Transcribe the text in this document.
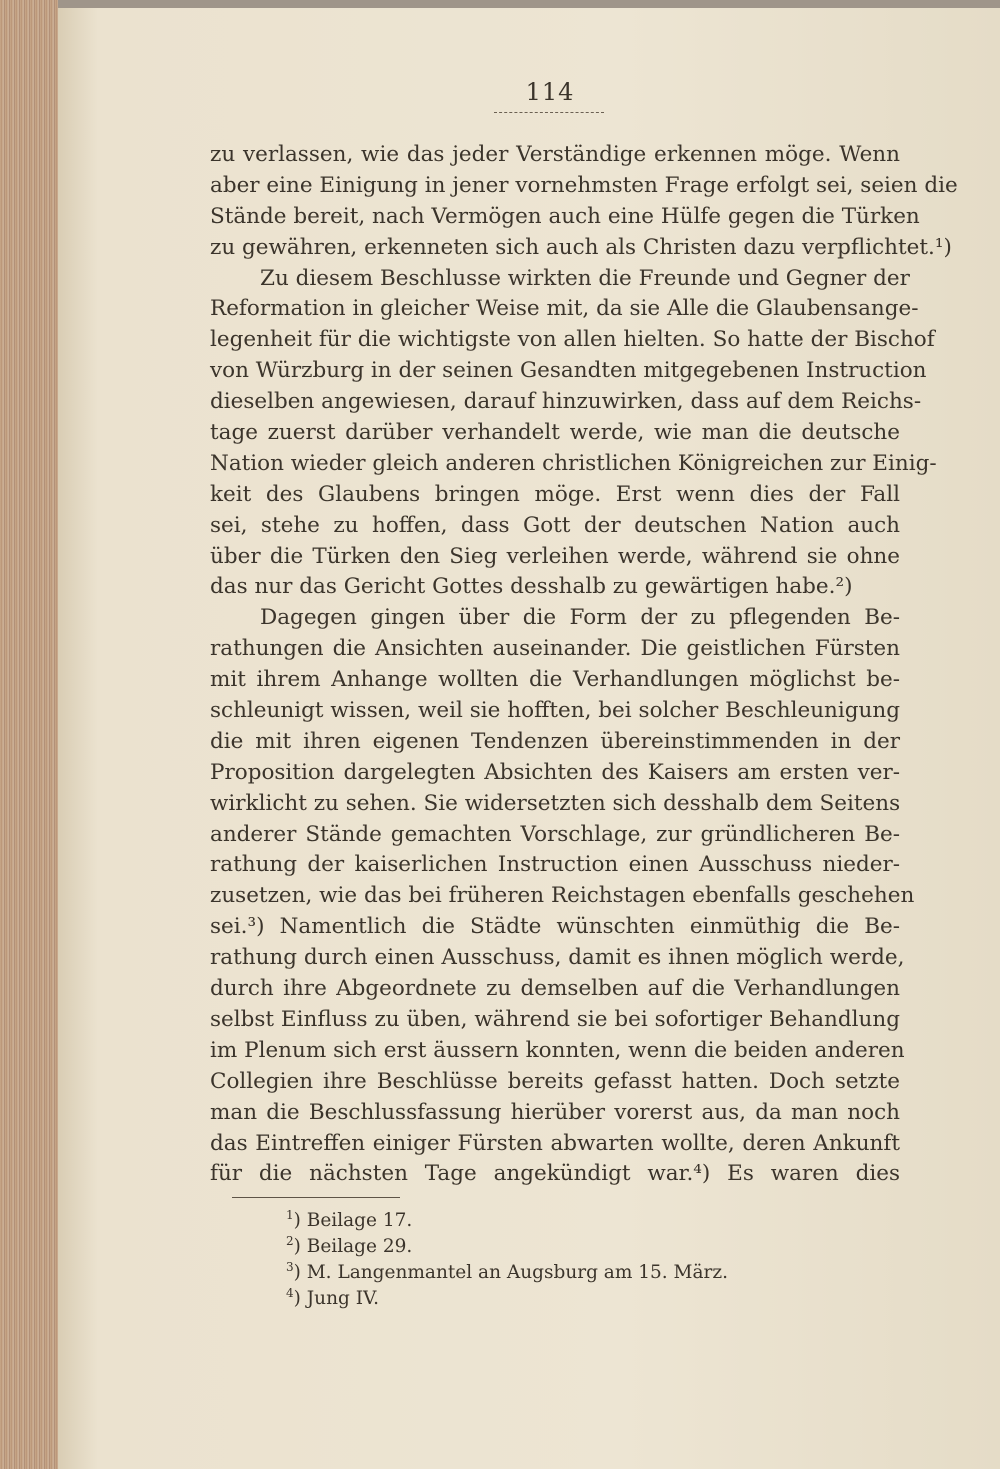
114
zu verlassen, wie das jeder Verständige erkennen möge. Wenn
aber eine Einigung in jener vornehmsten Frage erfolgt sei, seien die
Stände bereit, nach Vermögen auch eine Hülfe gegen die Türken
zu gewähren, erkenneten sich auch als Christen dazu verpflichtet.¹)
Zu diesem Beschlusse wirkten die Freunde und Gegner der
Reformation in gleicher Weise mit, da sie Alle die Glaubensange-
legenheit für die wichtigste von allen hielten. So hatte der Bischof
von Würzburg in der seinen Gesandten mitgegebenen Instruction
dieselben angewiesen, darauf hinzuwirken, dass auf dem Reichs-
tage zuerst darüber verhandelt werde, wie man die deutsche
Nation wieder gleich anderen christlichen Königreichen zur Einig-
keit des Glaubens bringen möge. Erst wenn dies der Fall
sei, stehe zu hoffen, dass Gott der deutschen Nation auch
über die Türken den Sieg verleihen werde, während sie ohne
das nur das Gericht Gottes desshalb zu gewärtigen habe.²)
Dagegen gingen über die Form der zu pflegenden Be-
rathungen die Ansichten auseinander. Die geistlichen Fürsten
mit ihrem Anhange wollten die Verhandlungen möglichst be-
schleunigt wissen, weil sie hofften, bei solcher Beschleunigung
die mit ihren eigenen Tendenzen übereinstimmenden in der
Proposition dargelegten Absichten des Kaisers am ersten ver-
wirklicht zu sehen. Sie widersetzten sich desshalb dem Seitens
anderer Stände gemachten Vorschlage, zur gründlicheren Be-
rathung der kaiserlichen Instruction einen Ausschuss nieder-
zusetzen, wie das bei früheren Reichstagen ebenfalls geschehen
sei.³) Namentlich die Städte wünschten einmüthig die Be-
rathung durch einen Ausschuss, damit es ihnen möglich werde,
durch ihre Abgeordnete zu demselben auf die Verhandlungen
selbst Einfluss zu üben, während sie bei sofortiger Behandlung
im Plenum sich erst äussern konnten, wenn die beiden anderen
Collegien ihre Beschlüsse bereits gefasst hatten. Doch setzte
man die Beschlussfassung hierüber vorerst aus, da man noch
das Eintreffen einiger Fürsten abwarten wollte, deren Ankunft
für die nächsten Tage angekündigt war.⁴) Es waren dies
$^1$) Beilage 17.
$^2$) Beilage 29.
$^3$) M. Langenmantel an Augsburg am 15. März.
$^4$) Jung IV.
